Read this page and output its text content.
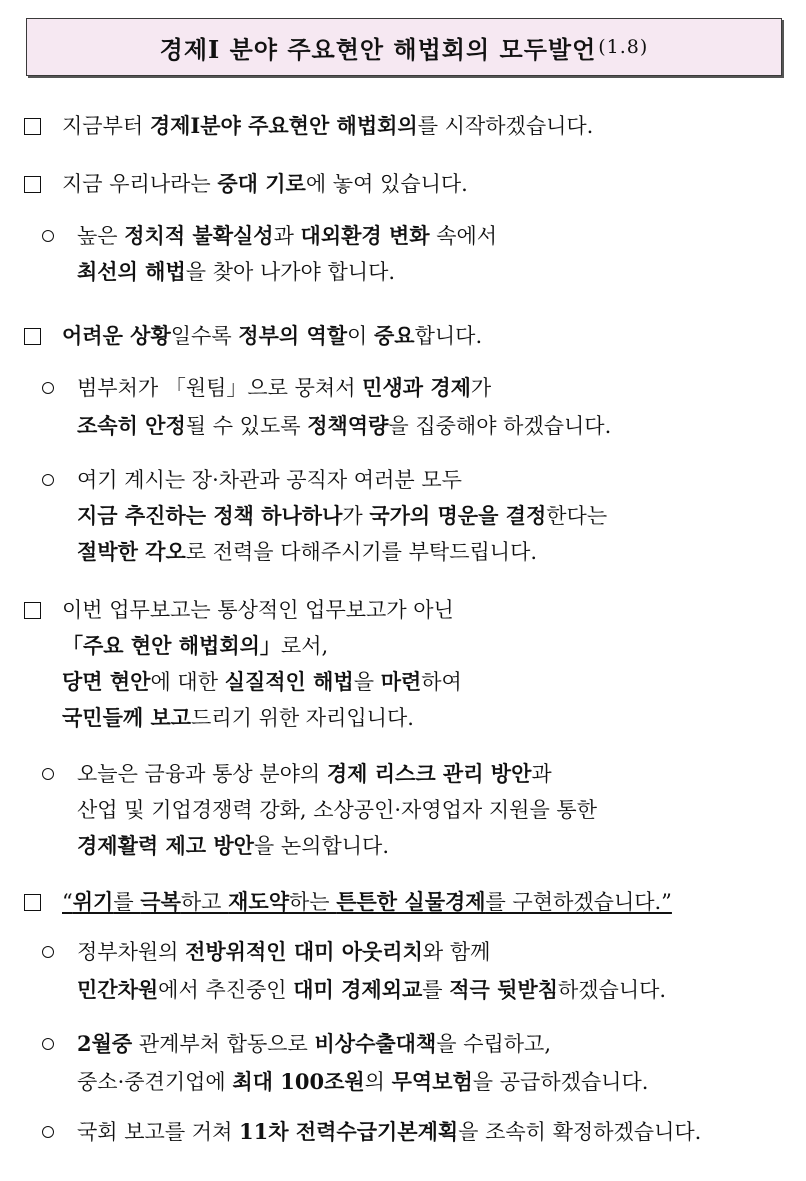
경제Ⅰ 분야 주요현안 해법회의 모두발언 (1.8)
지금부터 경제Ⅰ분야 주요현안 해법회의를 시작하겠습니다.
지금 우리나라는 중대 기로에 놓여 있습니다.
높은 정치적 불확실성과 대외환경 변화 속에서
최선의 해법을 찾아 나가야 합니다.
어려운 상황일수록 정부의 역할이 중요합니다.
범부처가 「원팀」으로 뭉쳐서 민생과 경제가
조속히 안정될 수 있도록 정책역량을 집중해야 하겠습니다.
여기 계시는 장·차관과 공직자 여러분 모두
지금 추진하는 정책 하나하나가 국가의 명운을 결정한다는
절박한 각오로 전력을 다해주시기를 부탁드립니다.
이번 업무보고는 통상적인 업무보고가 아닌
「주요 현안 해법회의」로서,
당면 현안에 대한 실질적인 해법을 마련하여
국민들께 보고드리기 위한 자리입니다.
오늘은 금융과 통상 분야의 경제 리스크 관리 방안과
산업 및 기업경쟁력 강화, 소상공인·자영업자 지원을 통한
경제활력 제고 방안을 논의합니다.
“위기를 극복하고 재도약하는 튼튼한 실물경제를 구현하겠습니다.”
정부차원의 전방위적인 대미 아웃리치와 함께
민간차원에서 추진중인 대미 경제외교를 적극 뒷받침하겠습니다.
2월중 관계부처 합동으로 비상수출대책을 수립하고,
중소·중견기업에 최대 100조원의 무역보험을 공급하겠습니다.
국회 보고를 거쳐 11차 전력수급기본계획을 조속히 확정하겠습니다.
